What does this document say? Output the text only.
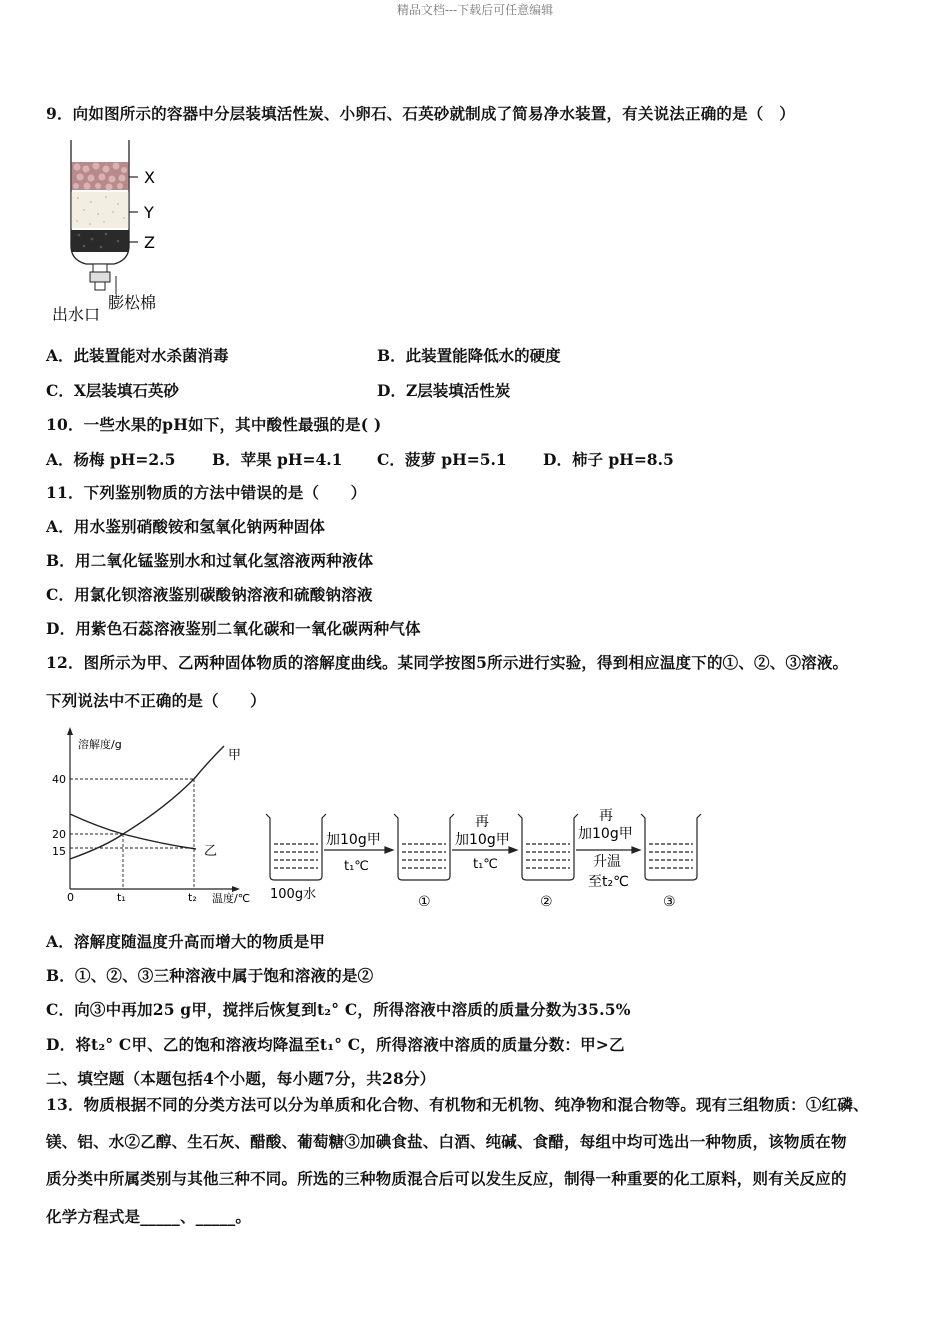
精品文档---下载后可任意编辑
9．向如图所示的容器中分层装填活性炭、小卵石、石英砂就制成了简易净水装置，有关说法正确的是（　）
X
Y
Z
膨松棉
出水口
A．此装置能对水杀菌消毒	B．此装置能降低水的硬度
C．X层装填石英砂	D．Z层装填活性炭
10．一些水果的pH如下，其中酸性最强的是( )
A．杨梅 pH=2.5 B．苹果 pH=4.1 C．菠萝 pH=5.1 D．柿子 pH=8.5
11．下列鉴别物质的方法中错误的是（　　）
A．用水鉴别硝酸铵和氢氧化钠两种固体
B．用二氧化锰鉴别水和过氧化氢溶液两种液体
C．用氯化钡溶液鉴别碳酸钠溶液和硫酸钠溶液
D．用紫色石蕊溶液鉴别二氧化碳和一氧化碳两种气体
12．图所示为甲、乙两种固体物质的溶解度曲线。某同学按图5所示进行实验，得到相应温度下的①、②、③溶液。
下列说法中不正确的是（　　）
溶解度/g
温度/℃
40
20
15
0	t₁	t₂
甲
乙
加10g甲
t₁℃
再
加10g甲
t₁℃
再
加10g甲
升温
至t₂℃
100g水	①	②	③
A．溶解度随温度升高而增大的物质是甲
B．①、②、③三种溶液中属于饱和溶液的是②
C．向③中再加25 g甲，搅拌后恢复到t₂° C，所得溶液中溶质的质量分数为35.5%
D．将t₂° C甲、乙的饱和溶液均降温至t₁° C，所得溶液中溶质的质量分数：甲>乙
二、填空题（本题包括4个小题，每小题7分，共28分）
13．物质根据不同的分类方法可以分为单质和化合物、有机物和无机物、纯净物和混合物等。现有三组物质：①红磷、
镁、铝、水②乙醇、生石灰、醋酸、葡萄糖③加碘食盐、白酒、纯碱、食醋，每组中均可选出一种物质，该物质在物
质分类中所属类别与其他三种不同。所选的三种物质混合后可以发生反应，制得一种重要的化工原料，则有关反应的
化学方程式是_____、_____。
